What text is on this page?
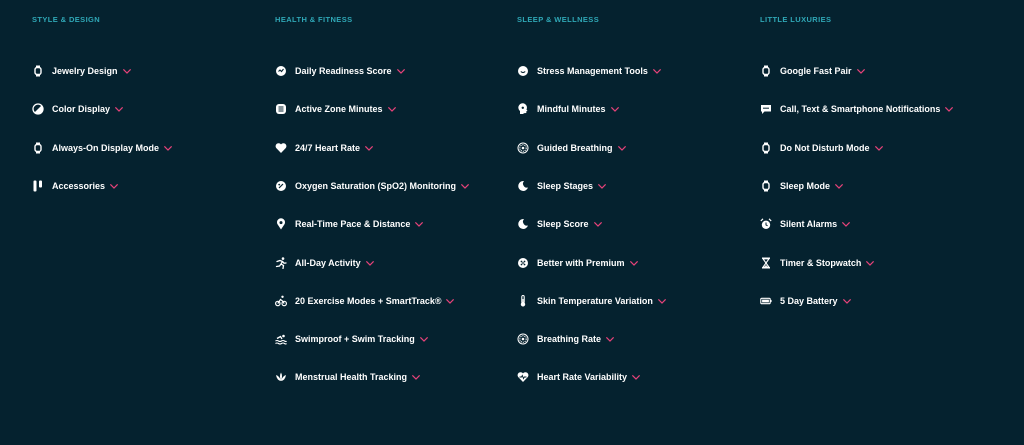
STYLE & DESIGN
Jewelry Design
Color Display
Always-On Display Mode
Accessories
HEALTH & FITNESS
Daily Readiness Score
Active Zone Minutes
24/7 Heart Rate
Oxygen Saturation (SpO2) Monitoring
Real-Time Pace & Distance
All-Day Activity
20 Exercise Modes + SmartTrack®
Swimproof + Swim Tracking
Menstrual Health Tracking
SLEEP & WELLNESS
Stress Management Tools
Mindful Minutes
Guided Breathing
Sleep Stages
Sleep Score
Better with Premium
Skin Temperature Variation
Breathing Rate
Heart Rate Variability
LITTLE LUXURIES
Google Fast Pair
Call, Text & Smartphone Notifications
Do Not Disturb Mode
Sleep Mode
Silent Alarms
Timer & Stopwatch
5 Day Battery
